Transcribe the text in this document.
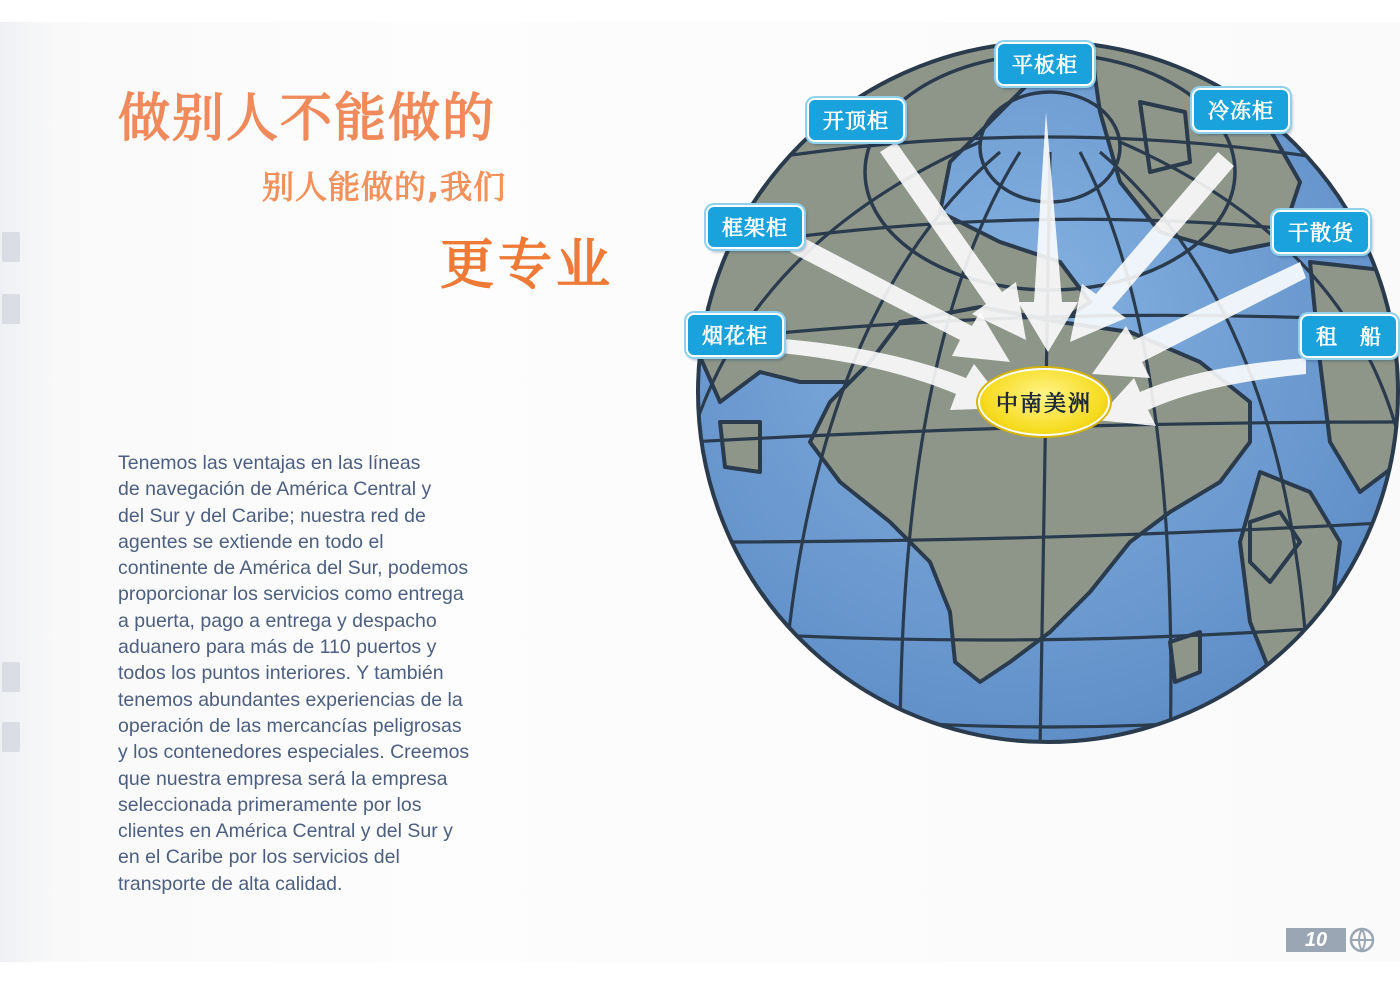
做别人不能做的
别人能做的,我们
更专业

Tenemos las ventajas en las líneas
de navegación de América Central y
del Sur y del Caribe; nuestra red de
agentes se extiende en todo el
continente de América del Sur, podemos
proporcionar los servicios como entrega
a puerta, pago a entrega y despacho
aduanero para más de 110 puertos y
todos los puntos interiores. Y también
tenemos abundantes experiencias de la
operación de las mercancías peligrosas
y los contenedores especiales. Creemos
que nuestra empresa será la empresa
seleccionada primeramente por los
clientes en América Central y del Sur y
en el Caribe por los servicios del
transporte de alta calidad.

平板柜
开顶柜	冷冻柜
框架柜	干散货
烟花柜	租　船
中南美洲
10
